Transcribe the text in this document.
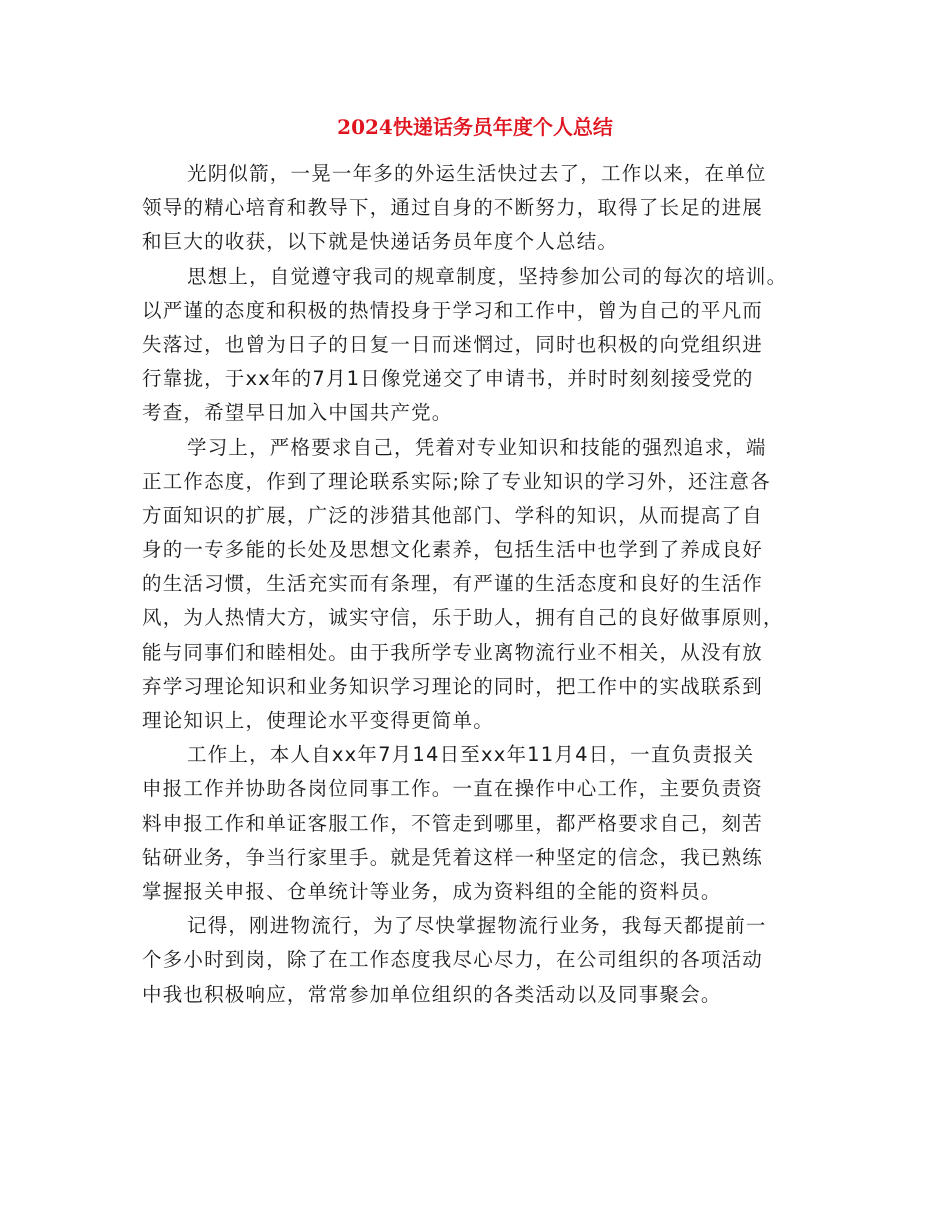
2024快递话务员年度个人总结
光阴似箭，一晃一年多的外运生活快过去了，工作以来，在单位
领导的精心培育和教导下，通过自身的不断努力，取得了长足的进展
和巨大的收获，以下就是快递话务员年度个人总结。
思想上，自觉遵守我司的规章制度，坚持参加公司的每次的培训。
以严谨的态度和积极的热情投身于学习和工作中，曾为自己的平凡而
失落过，也曾为日子的日复一日而迷惘过，同时也积极的向党组织进
行靠拢，于xx年的7月1日像党递交了申请书，并时时刻刻接受党的
考查，希望早日加入中国共产党。
学习上，严格要求自己，凭着对专业知识和技能的强烈追求，端
正工作态度，作到了理论联系实际;除了专业知识的学习外，还注意各
方面知识的扩展，广泛的涉猎其他部门、学科的知识，从而提高了自
身的一专多能的长处及思想文化素养，包括生活中也学到了养成良好
的生活习惯，生活充实而有条理，有严谨的生活态度和良好的生活作
风，为人热情大方，诚实守信，乐于助人，拥有自己的良好做事原则，
能与同事们和睦相处。由于我所学专业离物流行业不相关，从没有放
弃学习理论知识和业务知识学习理论的同时，把工作中的实战联系到
理论知识上，使理论水平变得更简单。
工作上，本人自xx年7月14日至xx年11月4日，一直负责报关
申报工作并协助各岗位同事工作。一直在操作中心工作，主要负责资
料申报工作和单证客服工作，不管走到哪里，都严格要求自己，刻苦
钻研业务，争当行家里手。就是凭着这样一种坚定的信念，我已熟练
掌握报关申报、仓单统计等业务，成为资料组的全能的资料员。
记得，刚进物流行，为了尽快掌握物流行业务，我每天都提前一
个多小时到岗，除了在工作态度我尽心尽力，在公司组织的各项活动
中我也积极响应，常常参加单位组织的各类活动以及同事聚会。
